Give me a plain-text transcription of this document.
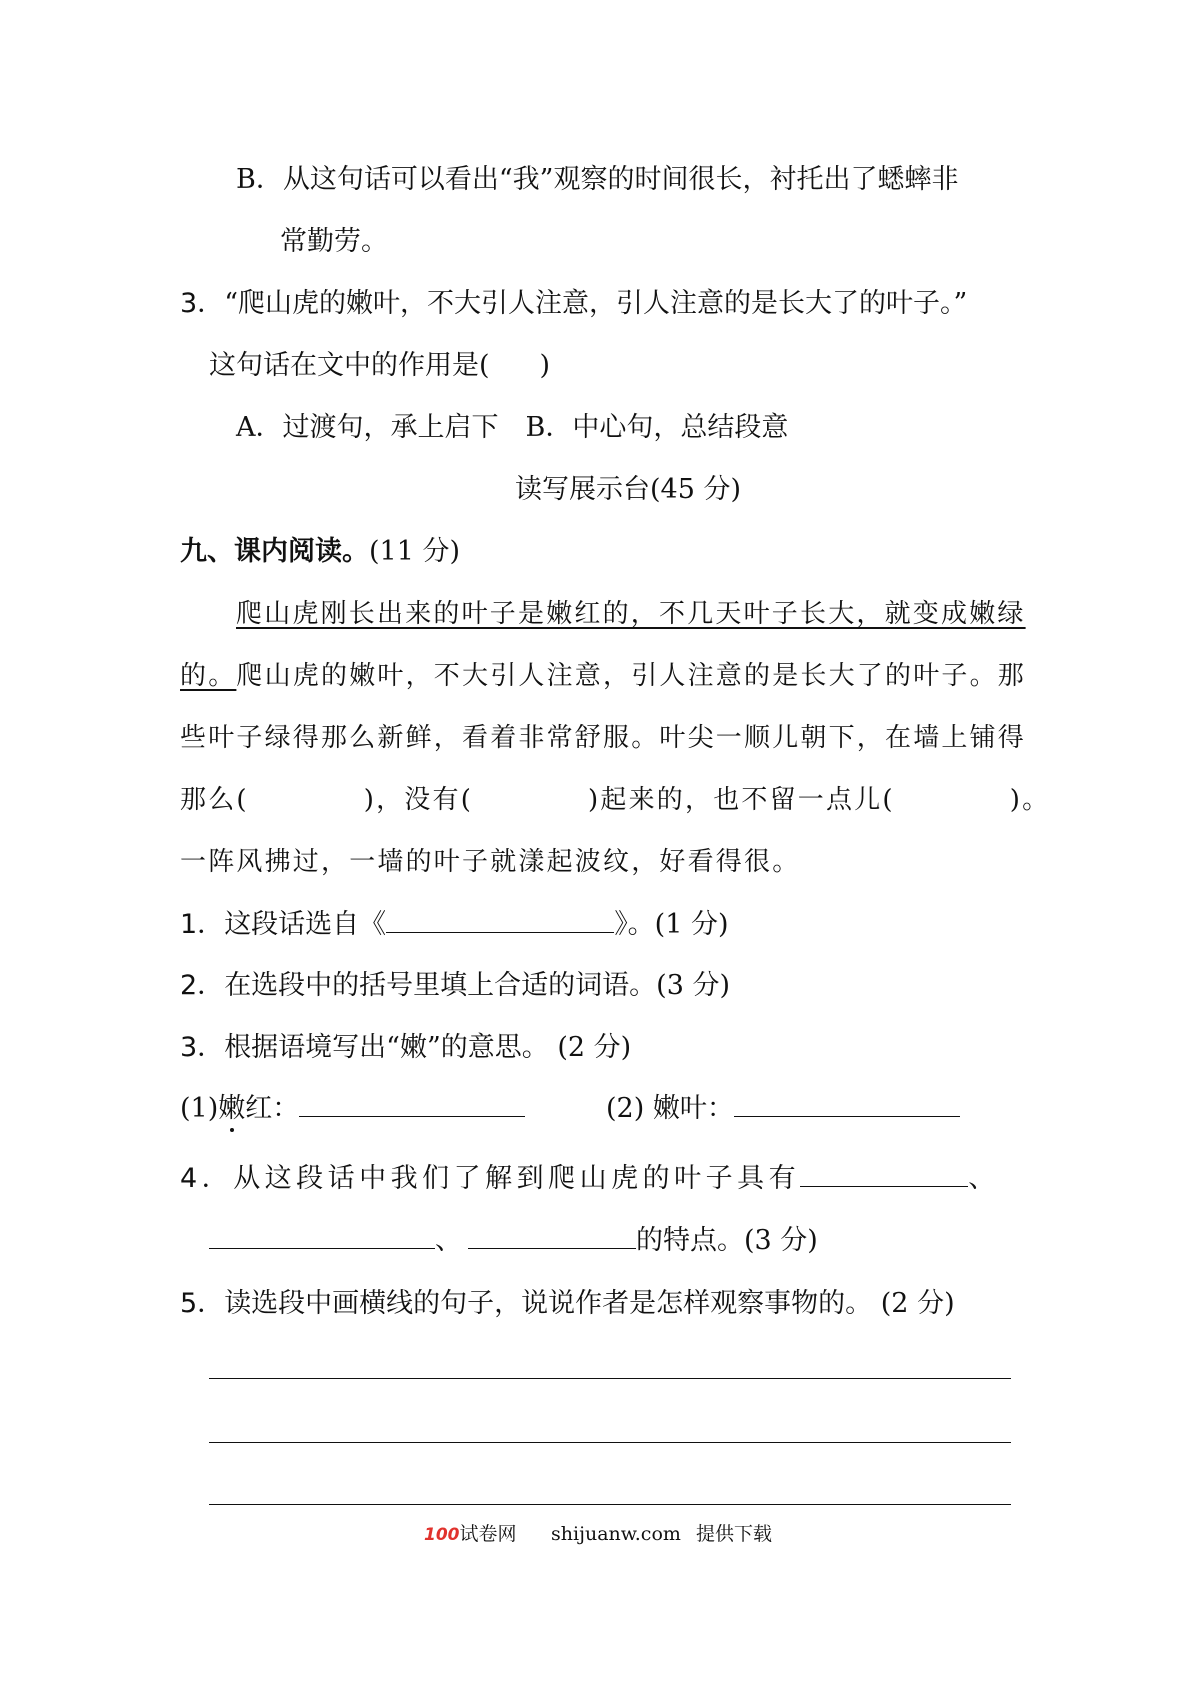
B．从这句话可以看出“我”观察的时间很长，衬托出了蟋蟀非
常勤劳。
3．“爬山虎的嫩叶，不大引人注意，引人注意的是长大了的叶子。”
这句话在文中的作用是( )
A．过渡句，承上启下　B．中心句，总结段意
读写展示台(45 分)
九、课内阅读。(11 分)
爬山虎刚长出来的叶子是嫩红的，不几天叶子长大，就变成嫩绿
的。爬山虎的嫩叶，不大引人注意，引人注意的是长大了的叶子。那
些叶子绿得那么新鲜，看着非常舒服。叶尖一顺儿朝下，在墙上铺得
那么(	)，没有(	)起来的，也不留一点儿(	)。
一阵风拂过，一墙的叶子就漾起波纹，好看得很。
1．这段话选自《	》。(1 分)
2．在选段中的括号里填上合适的词语。(3 分)
3．根据语境写出“嫩”的意思。 (2 分)
(1)嫩红：	(2) 嫩叶：
4．从这段话中我们了解到爬山虎的叶子具有	、
、	的特点。(3 分)
5．读选段中画横线的句子，说说作者是怎样观察事物的。 (2 分)
100试卷网 shijuanw.com 提供下载
